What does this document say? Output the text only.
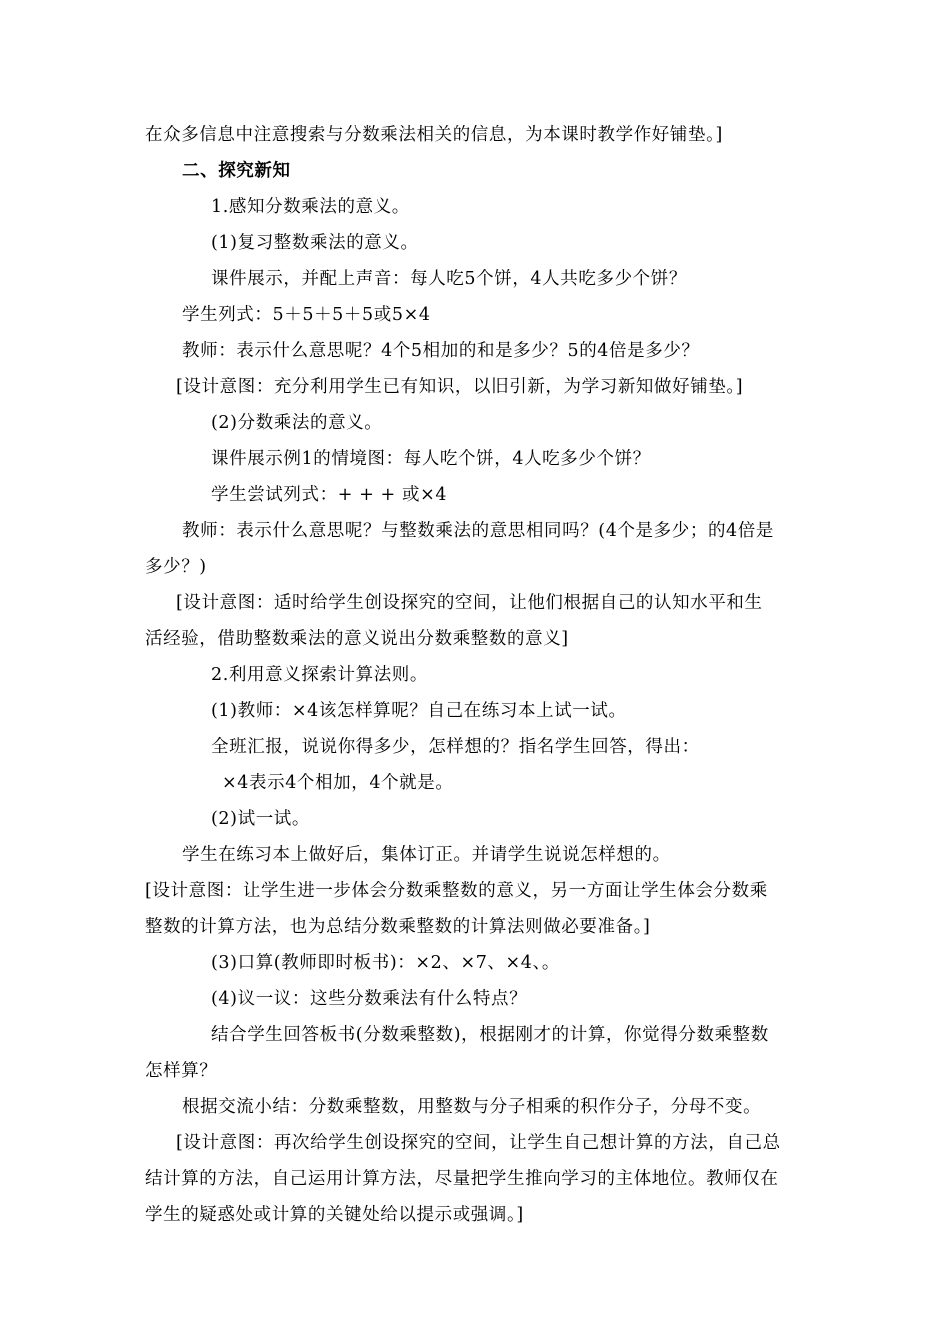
在众多信息中注意搜索与分数乘法相关的信息，为本课时教学作好铺垫。]
二、探究新知
1.感知分数乘法的意义。
(1)复习整数乘法的意义。
课件展示，并配上声音：每人吃5个饼，4人共吃多少个饼？
学生列式：5＋5＋5＋5或5×4
教师：表示什么意思呢？4个5相加的和是多少？5的4倍是多少？
[设计意图：充分利用学生已有知识，以旧引新，为学习新知做好铺垫。]
(2)分数乘法的意义。
课件展示例1的情境图：每人吃个饼，4人吃多少个饼？
学生尝试列式：+ + + 或×4
教师：表示什么意思呢？与整数乘法的意思相同吗？(4个是多少；的4倍是
多少？)
[设计意图：适时给学生创设探究的空间，让他们根据自己的认知水平和生
活经验，借助整数乘法的意义说出分数乘整数的意义]
2.利用意义探索计算法则。
(1)教师：×4该怎样算呢？自己在练习本上试一试。
全班汇报，说说你得多少，怎样想的？指名学生回答，得出：
×4表示4个相加，4个就是。
(2)试一试。
学生在练习本上做好后，集体订正。并请学生说说怎样想的。
[设计意图：让学生进一步体会分数乘整数的意义，另一方面让学生体会分数乘
整数的计算方法，也为总结分数乘整数的计算法则做必要准备。]
(3)口算(教师即时板书)：×2、×7、×4、。
(4)议一议：这些分数乘法有什么特点？
结合学生回答板书(分数乘整数)，根据刚才的计算，你觉得分数乘整数
怎样算？
根据交流小结：分数乘整数，用整数与分子相乘的积作分子，分母不变。
[设计意图：再次给学生创设探究的空间，让学生自己想计算的方法，自己总
结计算的方法，自己运用计算方法，尽量把学生推向学习的主体地位。教师仅在
学生的疑惑处或计算的关键处给以提示或强调。]
